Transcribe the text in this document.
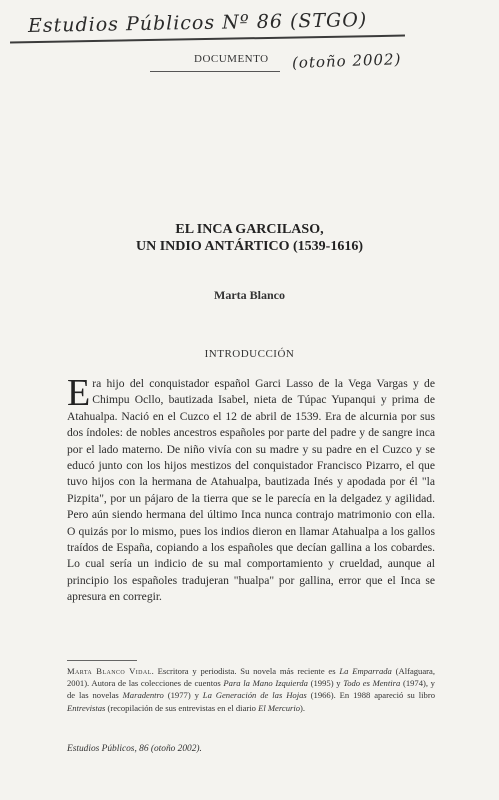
Estudios Públicos Nº 86 (STGO)
DOCUMENTO (otoño 2002)
EL INCA GARCILASO,
UN INDIO ANTÁRTICO (1539-1616)
Marta Blanco
INTRODUCCIÓN
Era hijo del conquistador español Garci Lasso de la Vega Vargas y de Chimpu Ocllo, bautizada Isabel, nieta de Túpac Yupanqui y prima de Atahualpa. Nació en el Cuzco el 12 de abril de 1539. Era de alcurnia por sus dos índoles: de nobles ancestros españoles por parte del padre y de sangre inca por el lado materno. De niño vivía con su madre y su padre en el Cuzco y se educó junto con los hijos mestizos del conquistador Francisco Pizarro, el que tuvo hijos con la hermana de Atahualpa, bautizada Inés y apodada por él "la Pizpita", por un pájaro de la tierra que se le parecía en la delgadez y agilidad. Pero aún siendo hermana del último Inca nunca contrajo matrimonio con ella. O quizás por lo mismo, pues los indios dieron en llamar Atahualpa a los gallos traídos de España, copiando a los españoles que decían gallina a los cobardes. Lo cual sería un indicio de su mal comportamiento y crueldad, aunque al principio los españoles tradujeran "hualpa" por gallina, error que el Inca se apresura en corregir.
Marta Blanco Vidal. Escritora y periodista. Su novela más reciente es La Emparrada (Alfaguara, 2001). Autora de las colecciones de cuentos Para la Mano Izquierda (1995) y Todo es Mentira (1974), y de las novelas Maradentro (1977) y La Generación de las Hojas (1966). En 1988 apareció su libro Entrevistas (recopilación de sus entrevistas en el diario El Mercurio).
Estudios Públicos, 86 (otoño 2002).
